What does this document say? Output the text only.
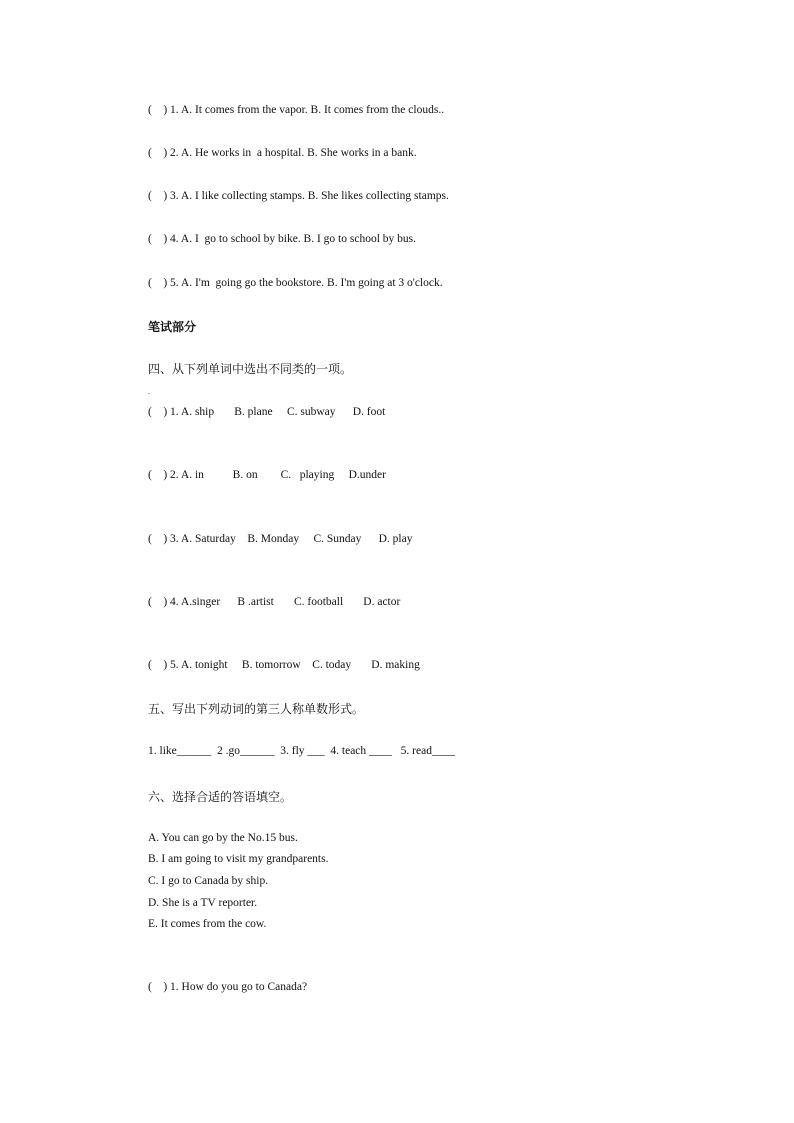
(    ) 1. A. It comes from the vapor. B. It comes from the clouds..
(    ) 2. A. He works in  a hospital. B. She works in a bank.
(    ) 3. A. I like collecting stamps. B. She likes collecting stamps.
(    ) 4. A. I  go to school by bike. B. I go to school by bus.
(    ) 5. A. I'm  going go the bookstore. B. I'm going at 3 o'clock.
笔试部分
四、从下列单词中选出不同类的一项。
.
(    ) 1. A. ship       B. plane     C. subway      D. foot
(    ) 2. A. in          B. on        C.   playing     D.under
(    ) 3. A. Saturday    B. Monday     C. Sunday      D. play
(    ) 4. A.singer      B .artist       C. football       D. actor
(    ) 5. A. tonight     B. tomorrow    C. today       D. making
五、写出下列动词的第三人称单数形式。
1. like______  2 .go______  3. fly ___  4. teach ____   5. read____
六、选择合适的答语填空。
A. You can go by the No.15 bus.
B. I am going to visit my grandparents.
C. I go to Canada by ship.
D. She is a TV reporter.
E. It comes from the cow.
(    ) 1. How do you go to Canada?
